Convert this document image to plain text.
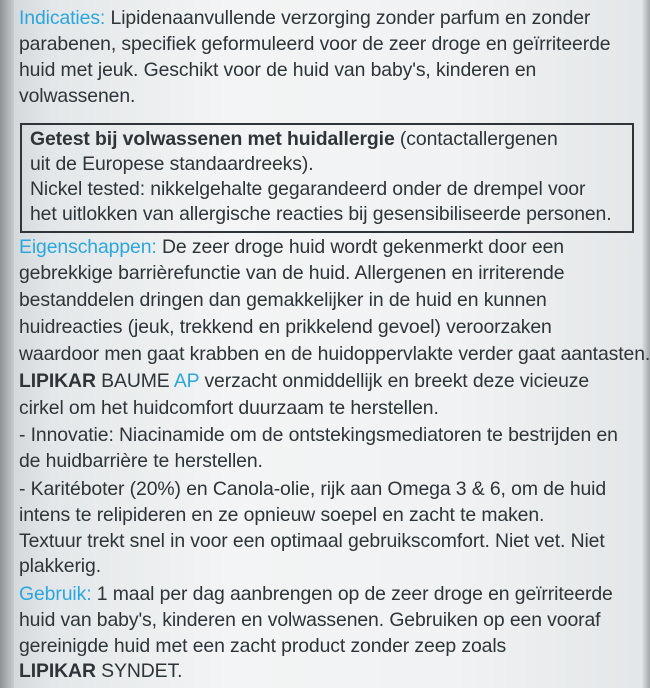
Indicaties: Lipidenaanvullende verzorging zonder parfum en zonder
parabenen, specifiek geformuleerd voor de zeer droge en geïrriteerde
huid met jeuk. Geschikt voor de huid van baby's, kinderen en
volwassenen.
Getest bij volwassenen met huidallergie (contactallergenen
uit de Europese standaardreeks).
Nickel tested: nikkelgehalte gegarandeerd onder de drempel voor
het uitlokken van allergische reacties bij gesensibiliseerde personen.
Eigenschappen: De zeer droge huid wordt gekenmerkt door een
gebrekkige barrièrefunctie van de huid. Allergenen en irriterende
bestanddelen dringen dan gemakkelijker in de huid en kunnen
huidreacties (jeuk, trekkend en prikkelend gevoel) veroorzaken
waardoor men gaat krabben en de huidoppervlakte verder gaat aantasten.
LIPIKAR BAUME AP verzacht onmiddellijk en breekt deze vicieuze
cirkel om het huidcomfort duurzaam te herstellen.
- Innovatie: Niacinamide om de ontstekingsmediatoren te bestrijden en
de huidbarrière te herstellen.
- Karitéboter (20%) en Canola-olie, rijk aan Omega 3 & 6, om de huid
intens te relipideren en ze opnieuw soepel en zacht te maken.
Textuur trekt snel in voor een optimaal gebruikscomfort. Niet vet. Niet
plakkerig.
Gebruik: 1 maal per dag aanbrengen op de zeer droge en geïrriteerde
huid van baby's, kinderen en volwassenen. Gebruiken op een vooraf
gereinigde huid met een zacht product zonder zeep zoals
LIPIKAR SYNDET.
